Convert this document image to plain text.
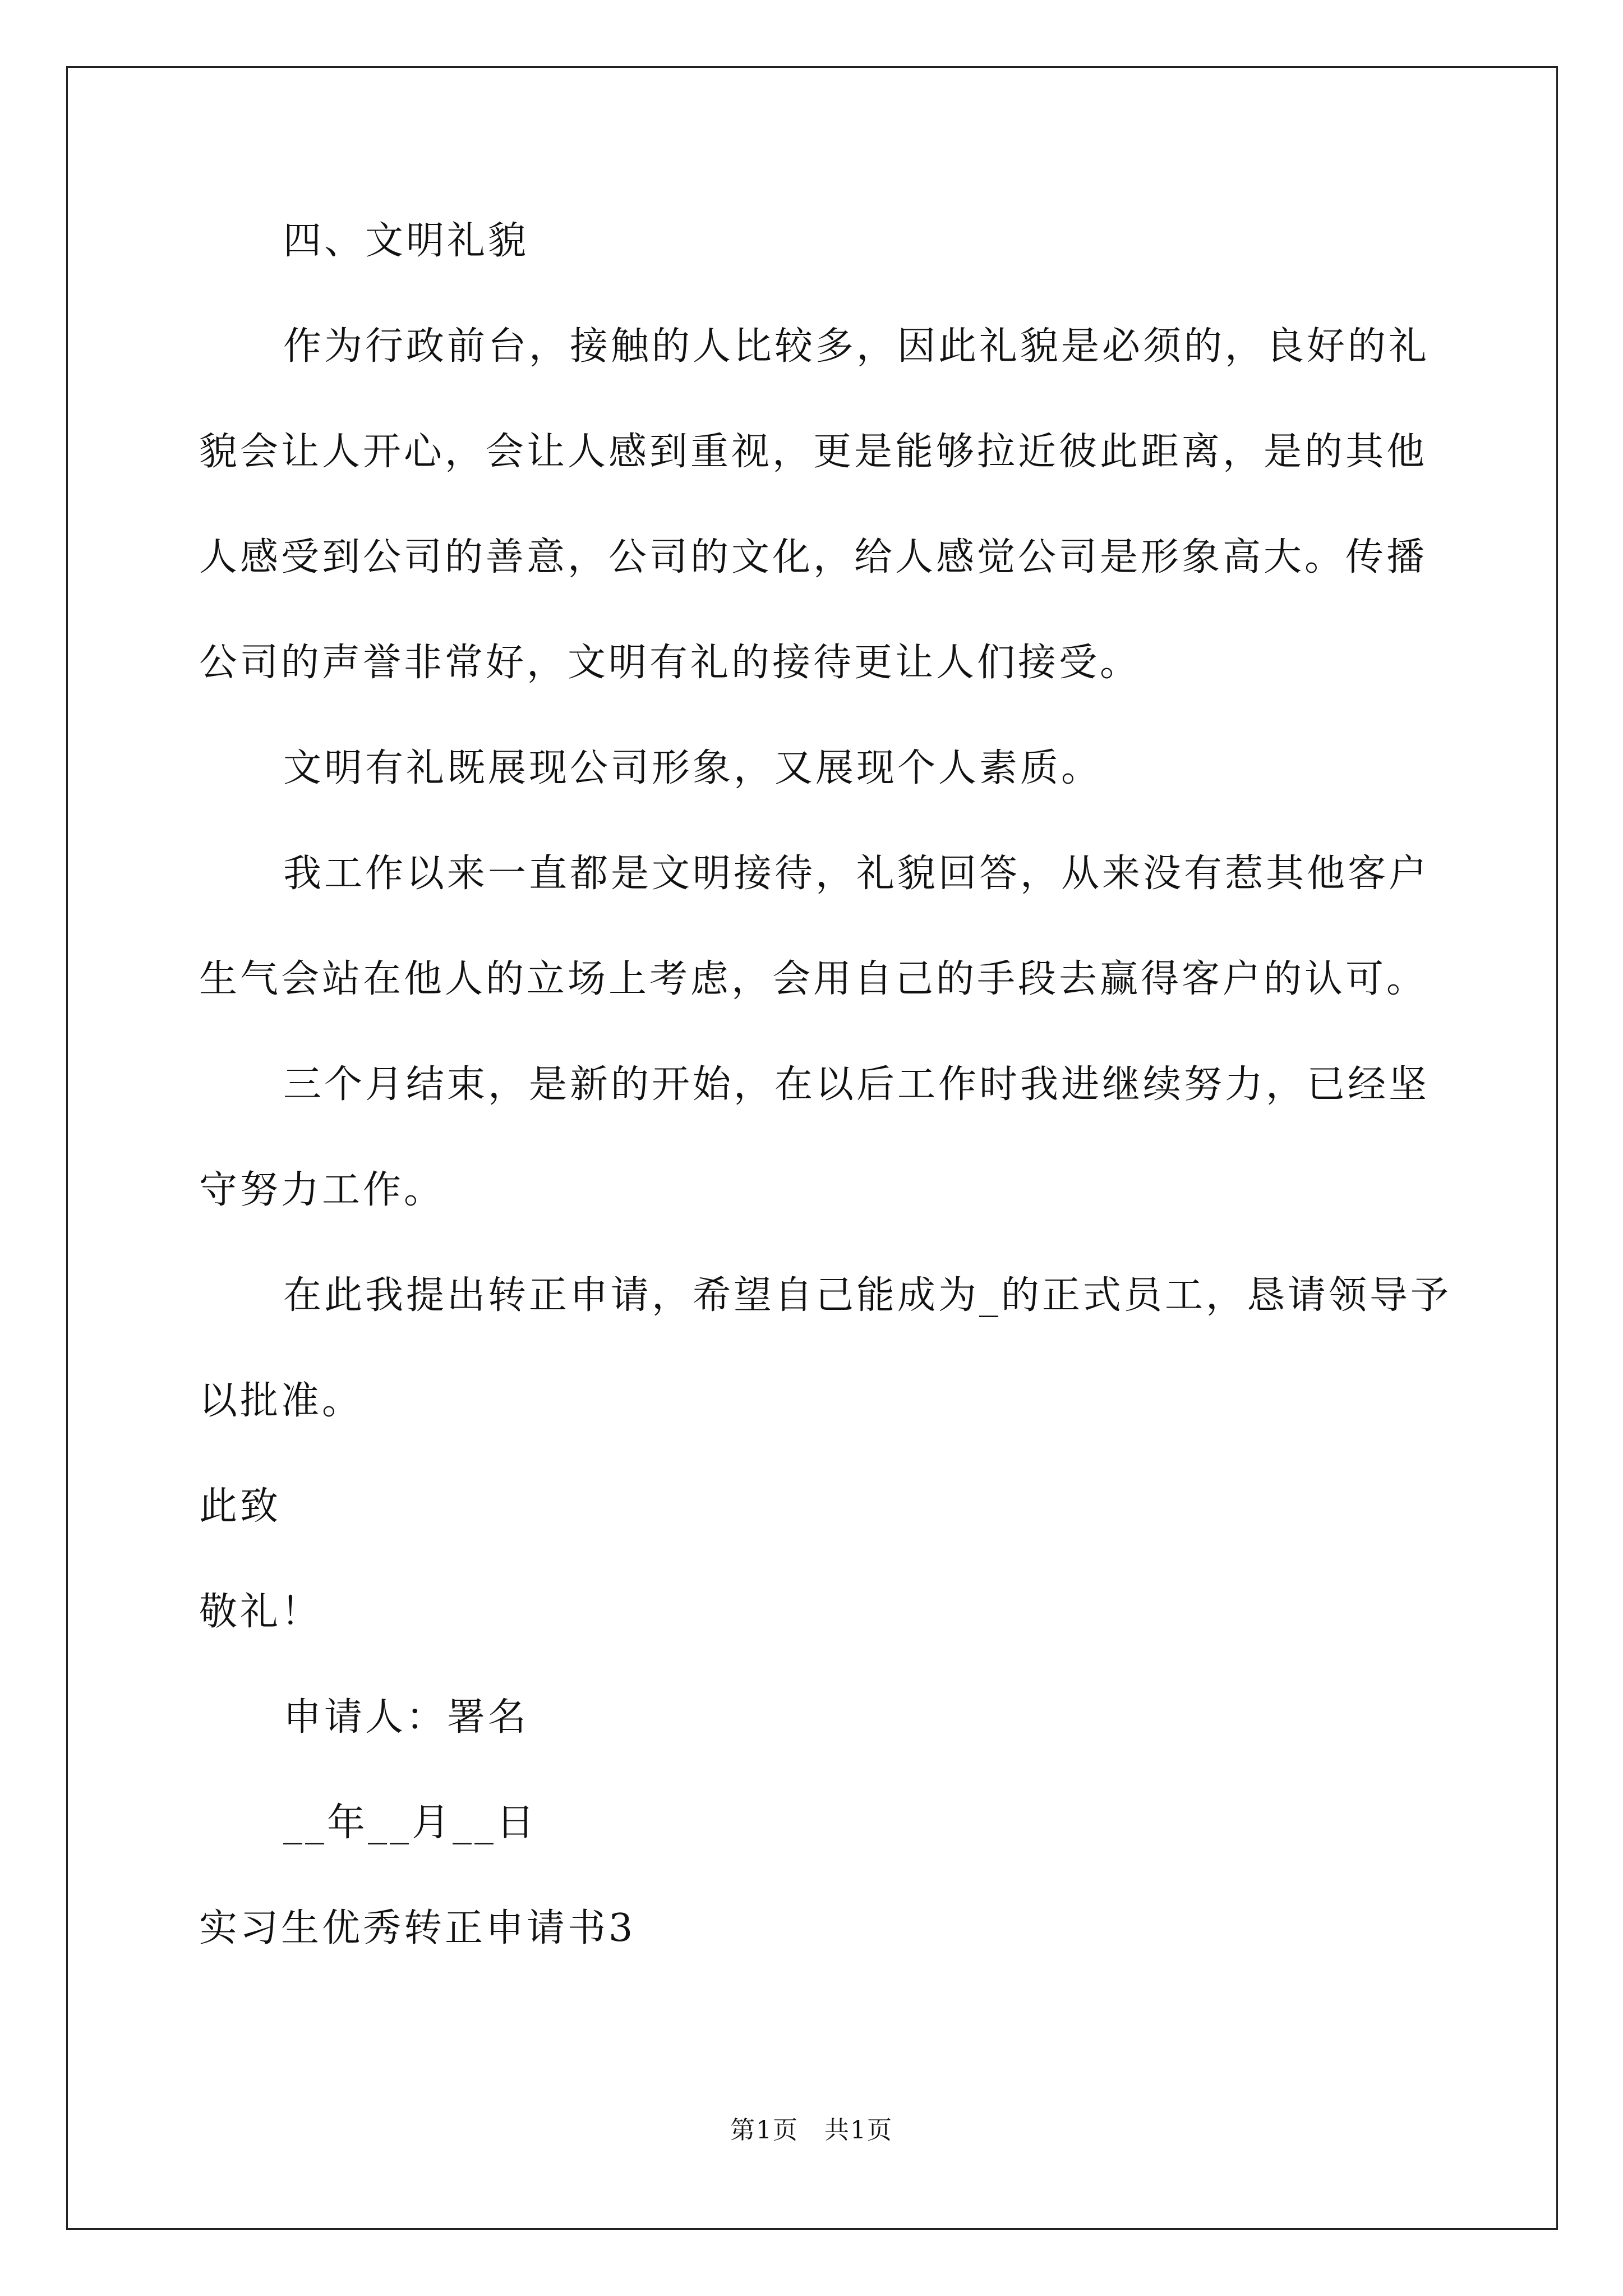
四、文明礼貌

作为行政前台，接触的人比较多，因此礼貌是必须的，良好的礼

貌会让人开心，会让人感到重视，更是能够拉近彼此距离，是的其他

人感受到公司的善意，公司的文化，给人感觉公司是形象高大。传播

公司的声誉非常好，文明有礼的接待更让人们接受。

文明有礼既展现公司形象，又展现个人素质。

我工作以来一直都是文明接待，礼貌回答，从来没有惹其他客户

生气会站在他人的立场上考虑，会用自己的手段去赢得客户的认可。

三个月结束，是新的开始，在以后工作时我进继续努力，已经坚

守努力工作。

在此我提出转正申请，希望自己能成为_的正式员工，恳请领导予

以批准。

此致

敬礼！

申请人：署名

__年__月__日

实习生优秀转正申请书3

第1页　共1页
